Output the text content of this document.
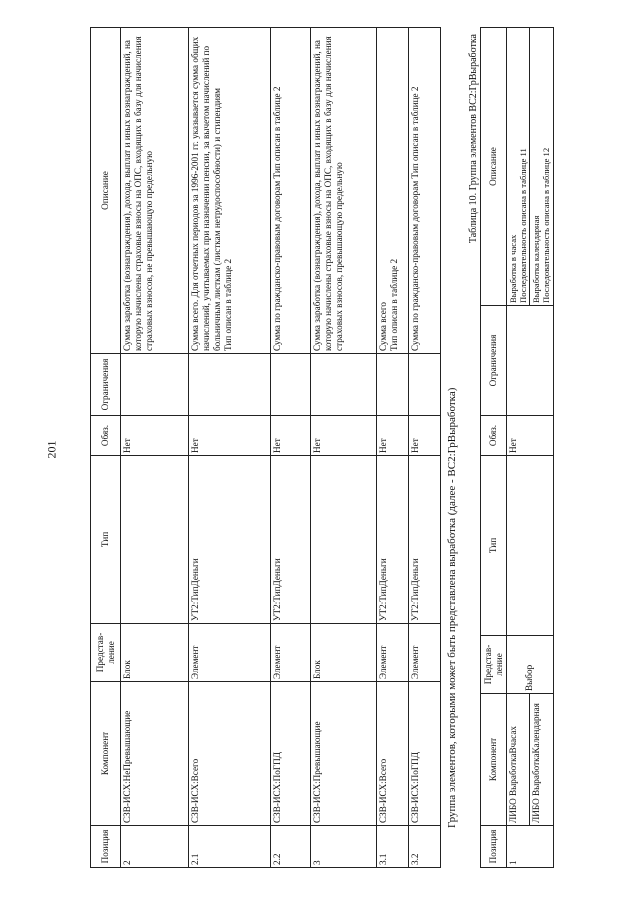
201
Позиция	Компонент	Представ-
ление	Тип	Обяз.	Ограничения	Описание
2	СЗВ-ИСХ:НеПревышающие	Блок		Нет		Сумма заработка (вознаграждения), дохода, выплат и иных вознаграждений, на которую начислены страховые взносы на ОПС, входящих в базу для начисления страховых взносов, не превышающую предельную
2.1	СЗВ-ИСХ:Всего	Элемент	УТ2:ТипДеньги	Нет		Сумма всего. Для отчетных периодов за 1996-2001 гг. указывается сумма общих начислений, учитываемых при назначении пенсии, за вычетом начислений по больничным листкам (листкам нетрудоспособности) и стипендиям
Тип описан в таблице 2
2.2	СЗВ-ИСХ:ПоГПД	Элемент	УТ2:ТипДеньги	Нет		Сумма по гражданско-правовым договорам Тип описан в таблице 2
3	СЗВ-ИСХ:Превышающие	Блок		Нет		Сумма заработка (вознаграждения), дохода, выплат и иных вознаграждений, на которую начислены страховые взносы на ОПС, входящих в базу для начисления страховых взносов, превышающую предельную
3.1	СЗВ-ИСХ:Всего	Элемент	УТ2:ТипДеньги	Нет		Сумма всего
Тип описан в таблице 2
3.2	СЗВ-ИСХ:ПоГПД	Элемент	УТ2:ТипДеньги	Нет		Сумма по гражданско-правовым договорам Тип описан в таблице 2
Группа элементов, которыми может быть представлена выработка (далее - ВС2:ГрВыработка)
Таблица 10. Группа элементов ВС2:ГрВыработка
Позиция	Компонент	Представ-
ление	Тип	Обяз.	Ограничения	Описание
1	ЛИБО ВыработкаВчасах	Выбор		Нет		Выработка в часах
Последовательность описана в таблице 11
	ЛИБО ВыработкаКалендарная					Выработка календарная
Последовательность описана в таблице 12
